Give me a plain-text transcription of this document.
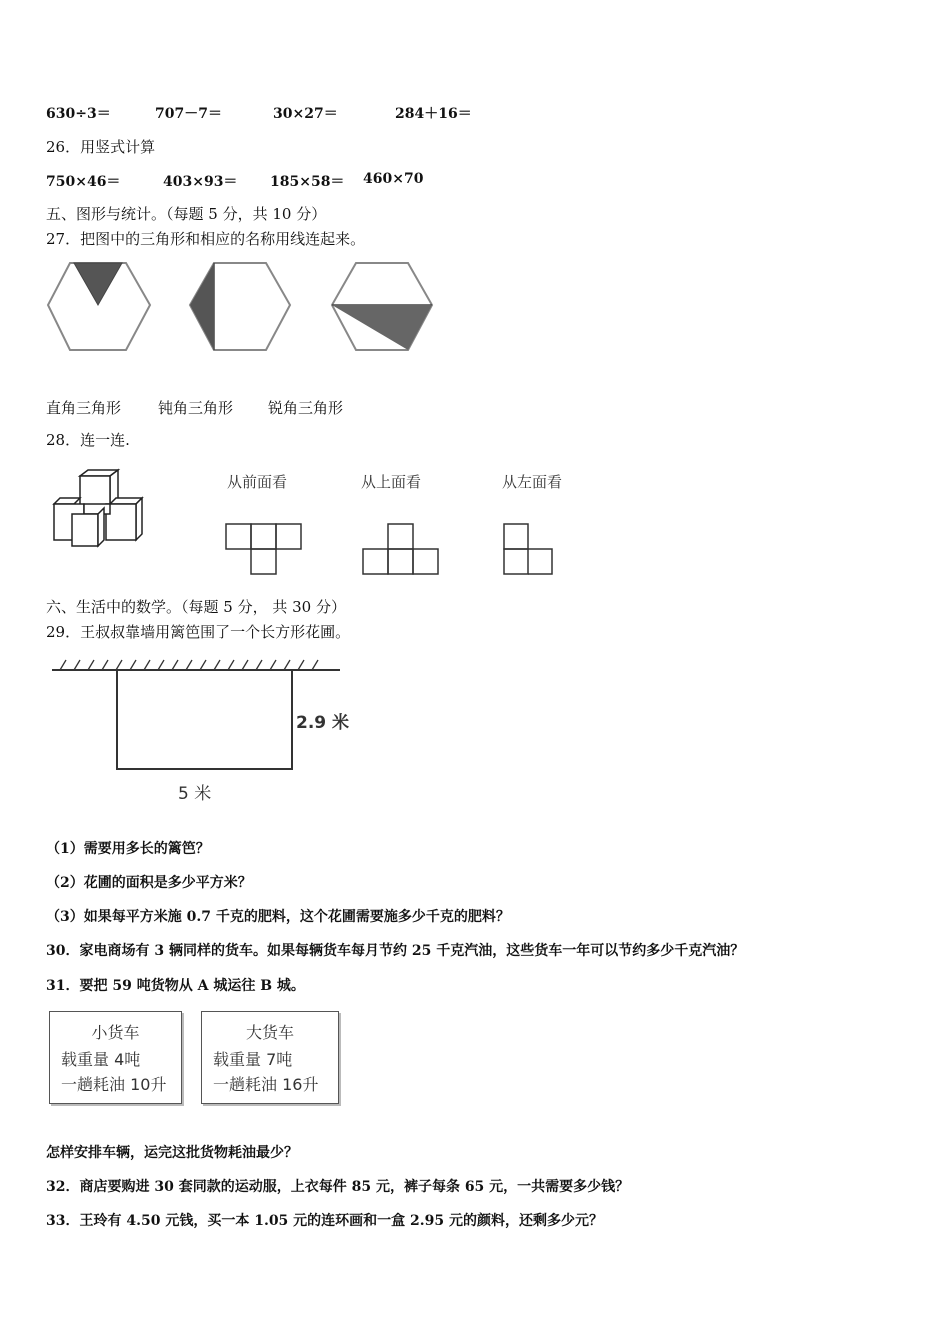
630÷3＝	707－7＝	30×27＝	284＋16＝
26．用竖式计算
750×46＝	403×93＝ 185×58＝ 460×70
五、图形与统计。（每题 5 分，共 10 分）
27．把图中的三角形和相应的名称用线连起来。
直角三角形 钝角三角形 锐角三角形
28．连一连.
从前面看	从上面看	从左面看
六、生活中的数学。（每题 5 分， 共 30 分）
29．王叔叔靠墙用篱笆围了一个长方形花圃。
2.9 米
5 米
（1）需要用多长的篱笆？
（2）花圃的面积是多少平方米？
（3）如果每平方米施 0.7 千克的肥料，这个花圃需要施多少千克的肥料？
30．家电商场有 3 辆同样的货车。如果每辆货车每月节约 25 千克汽油，这些货车一年可以节约多少千克汽油？
31．要把 59 吨货物从 A 城运往 B 城。
小货车
载重量 4吨
一趟耗油 10升
大货车
载重量 7吨
一趟耗油 16升
怎样安排车辆，运完这批货物耗油最少？
32．商店要购进 30 套同款的运动服，上衣每件 85 元，裤子每条 65 元，一共需要多少钱？
33．王玲有 4.50 元钱，买一本 1.05 元的连环画和一盒 2.95 元的颜料，还剩多少元？
